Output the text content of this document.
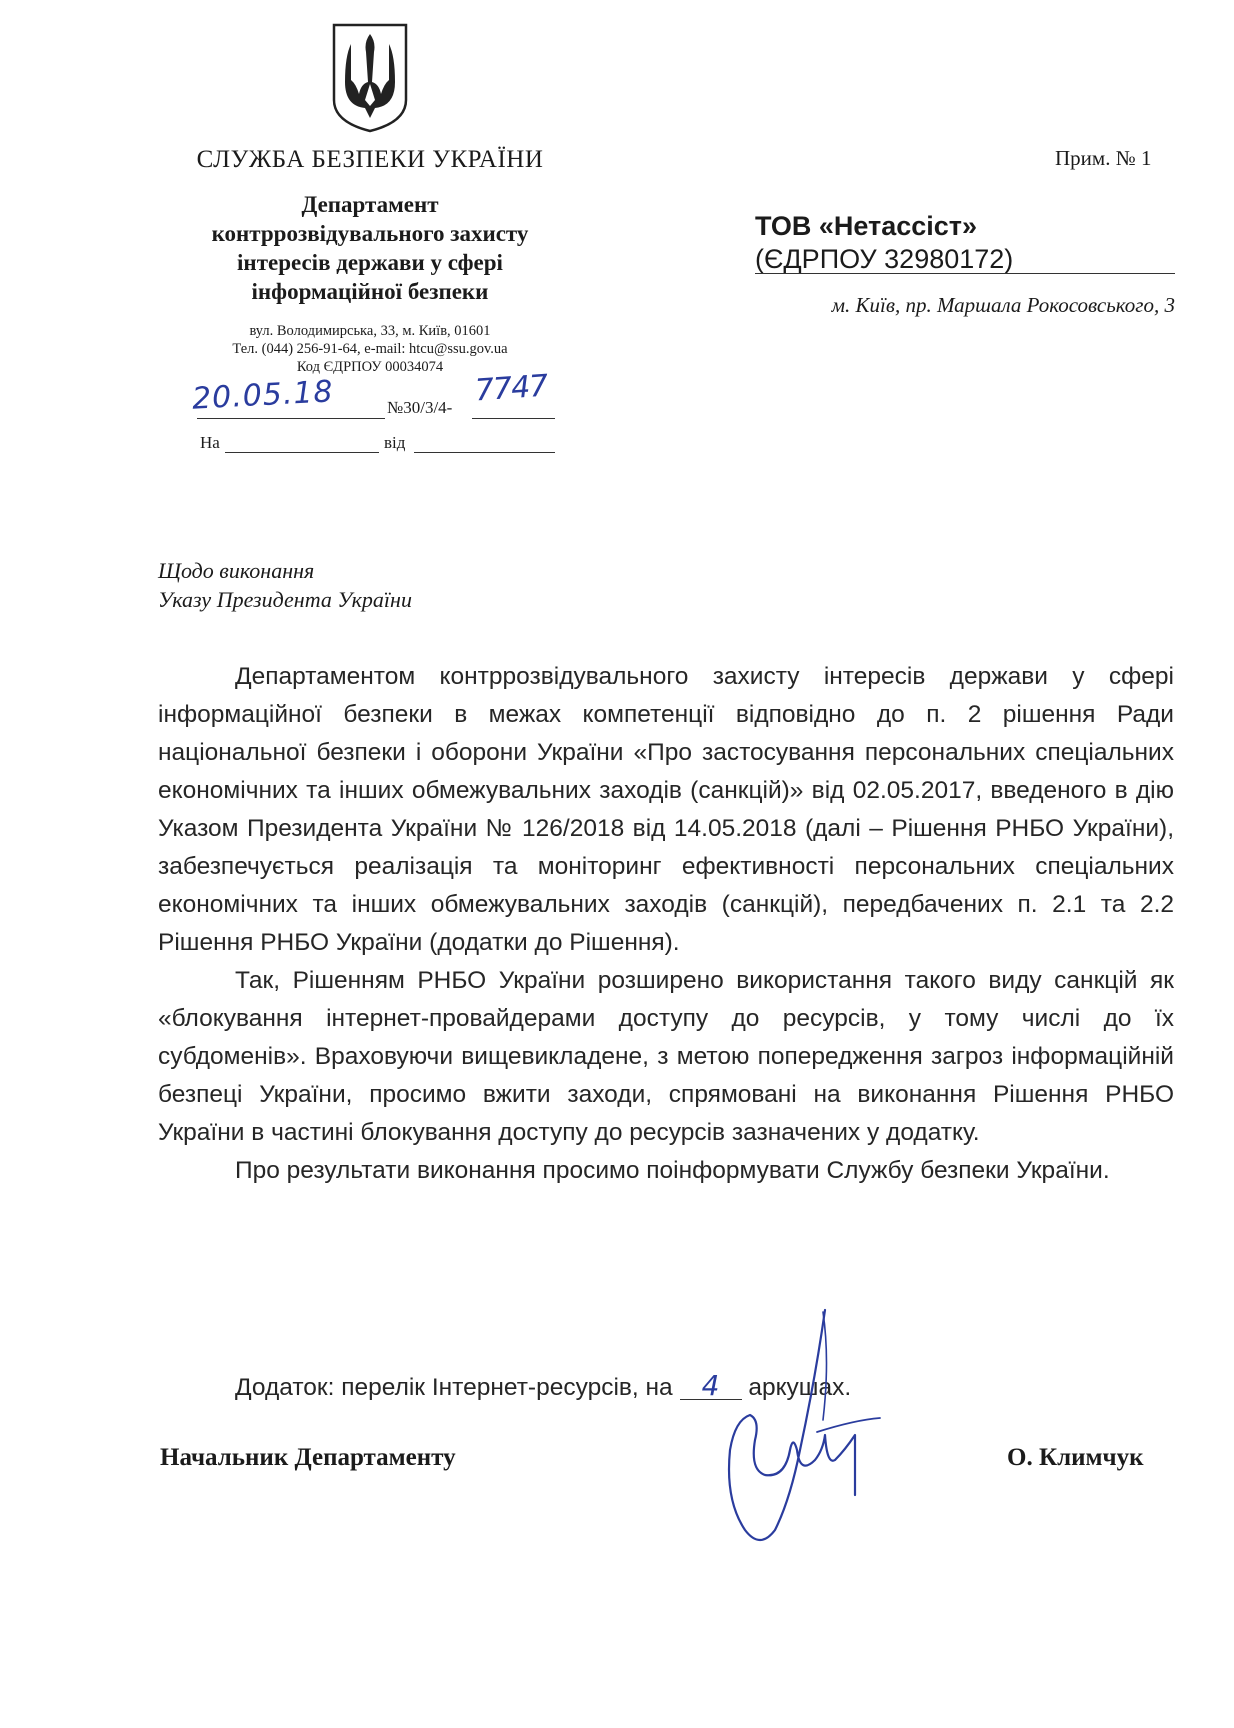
СЛУЖБА БЕЗПЕКИ УКРАЇНИ
Департамент
контррозвідувального захисту
інтересів держави у сфері
інформаційної безпеки
вул. Володимирська, 33, м. Київ, 01601
Тел. (044) 256-91-64, e-mail: htcu@ssu.gov.ua
Код ЄДРПОУ 00034074
20.05.18	№30/3/4- 7747
На	від
Прим. № 1
ТОВ «Нетассіст»
(ЄДРПОУ 32980172)
м. Київ, пр. Маршала Рокосовського, 3
Щодо виконання
Указу Президента України

Департаментом контррозвідувального захисту інтересів держави у сфері інформаційної безпеки в межах компетенції відповідно до п. 2 рішення Ради національної безпеки і оборони України «Про застосування персональних спеціальних економічних та інших обмежувальних заходів (санкцій)» від 02.05.2017, введеного в дію Указом Президента України № 126/2018 від 14.05.2018 (далі – Рішення РНБО України), забезпечується реалізація та моніторинг ефективності персональних спеціальних економічних та інших обмежувальних заходів (санкцій), передбачених п. 2.1 та 2.2 Рішення РНБО України (додатки до Рішення).

Так, Рішенням РНБО України розширено використання такого виду санкцій як «блокування інтернет-провайдерами доступу до ресурсів, у тому числі до їх субдоменів». Враховуючи вищевикладене, з метою попередження загроз інформаційній безпеці України, просимо вжити заходи, спрямовані на виконання Рішення РНБО України в частині блокування доступу до ресурсів зазначених у додатку.

Про результати виконання просимо поінформувати Службу безпеки України.

Додаток: перелік Інтернет-ресурсів, на 4 аркушах.
Начальник Департаменту	О. Климчук
